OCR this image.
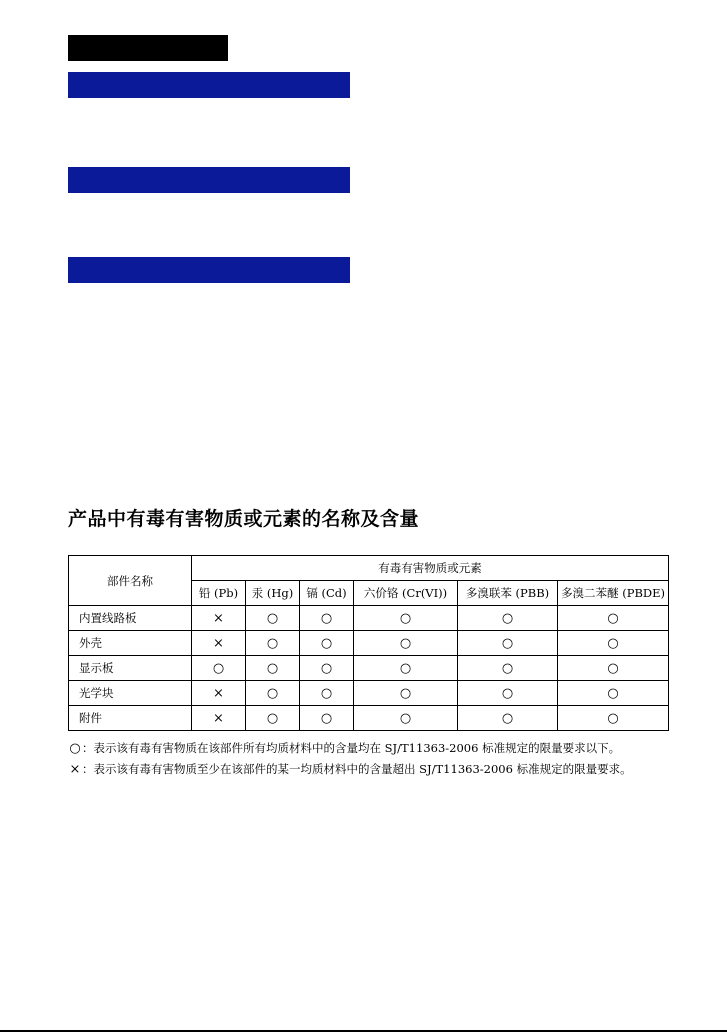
产品中有毒有害物质或元素的名称及含量
部件名称	有毒有害物质或元素					
	铅 (Pb)	汞 (Hg)	镉 (Cd)	六价铬 (Cr(VI))	多溴联苯 (PBB)	多溴二苯醚 (PBDE)
内置线路板	×	○	○	○	○	○
外壳	×	○	○	○	○	○
显示板	○	○	○	○	○	○
光学块	×	○	○	○	○	○
附件	×	○	○	○	○	○
○：表示该有毒有害物质在该部件所有均质材料中的含量均在 SJ/T11363-2006 标准规定的限量要求以下。
× ：表示该有毒有害物质至少在该部件的某一均质材料中的含量超出 SJ/T11363-2006 标准规定的限量要求。
